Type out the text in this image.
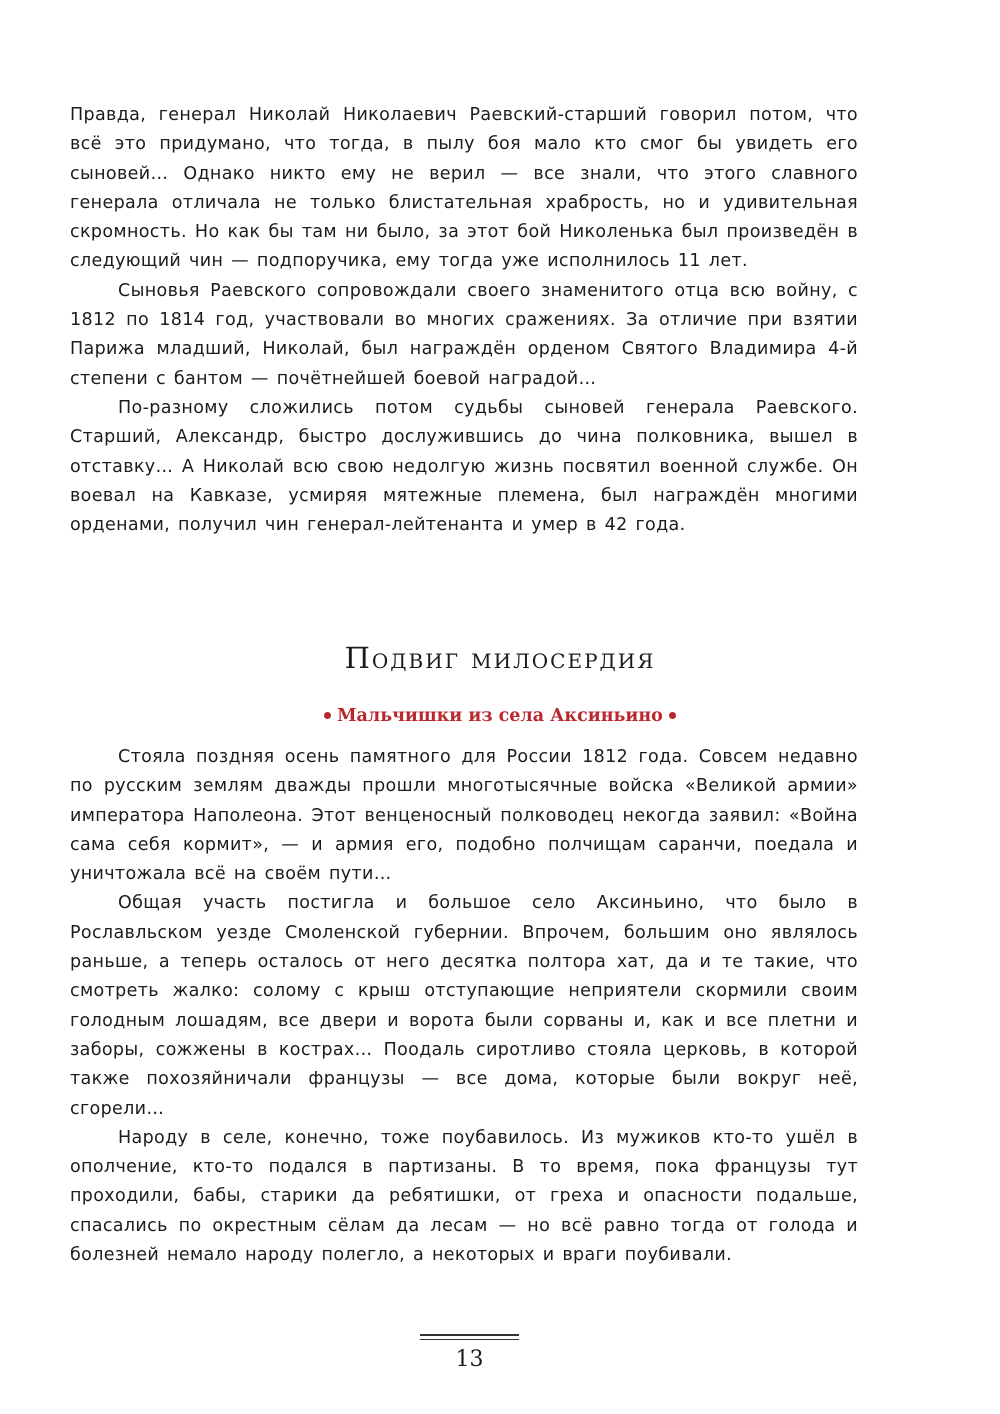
Правда, генерал Николай Николаевич Раевский-старший говорил потом, что всё это придумано, что тогда, в пылу боя мало кто смог бы увидеть его сыновей… Однако никто ему не верил — все знали, что этого славного генерала отличала не только блистательная храбрость, но и удивительная скромность. Но как бы там ни было, за этот бой Николенька был произведён в следующий чин — подпоручика, ему тогда уже исполнилось 11 лет.

Сыновья Раевского сопровождали своего знаменитого отца всю войну, с 1812 по 1814 год, участвовали во многих сражениях. За отличие при взятии Парижа младший, Николай, был награждён орденом Святого Владимира 4-й степени с бантом — почётнейшей боевой наградой…

По-разному сложились потом судьбы сыновей генерала Раевского. Старший, Александр, быстро дослужившись до чина полковника, вышел в отставку… А Николай всю свою недолгую жизнь посвятил военной службе. Он воевал на Кавказе, усмиряя мятежные племена, был награждён многими орденами, получил чин генерал-лейтенанта и умер в 42 года.

Подвиг милосердия
Мальчишки из села Аксиньино

Стояла поздняя осень памятного для России 1812 года. Совсем недавно по русским землям дважды прошли многотысячные войска «Великой армии» императора Наполеона. Этот венценосный полководец некогда заявил: «Война сама себя кормит», — и армия его, подобно полчищам саранчи, поедала и уничтожала всё на своём пути…

Общая участь постигла и большое село Аксиньино, что было в Рославльском уезде Смоленской губернии. Впрочем, большим оно являлось раньше, а теперь осталось от него десятка полтора хат, да и те такие, что смотреть жалко: солому с крыш отступающие неприятели скормили своим голодным лошадям, все двери и ворота были сорваны и, как и все плетни и заборы, сожжены в кострах… Поодаль сиротливо стояла церковь, в которой также похозяйничали французы — все дома, которые были вокруг неё, сгорели…

Народу в селе, конечно, тоже поубавилось. Из мужиков кто-то ушёл в ополчение, кто-то подался в партизаны. В то время, пока французы тут проходили, бабы, старики да ребятишки, от греха и опасности подальше, спасались по окрестным сёлам да лесам — но всё равно тогда от голода и болезней немало народу полегло, а некоторых и враги поубивали.

13
